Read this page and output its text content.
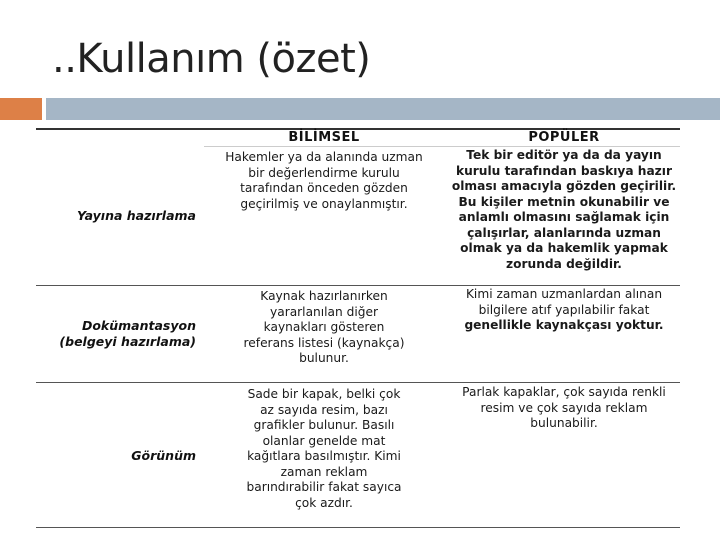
..Kullanım (özet)
BİLİMSEL	POPÜLER
Yayına hazırlama
Hakemler ya da alanında uzman
bir değerlendirme kurulu
tarafından önceden gözden
geçirilmiş ve onaylanmıştır.
Tek bir editör ya da da yayın
kurulu tarafından baskıya hazır
olması amacıyla gözden geçirilir.
Bu kişiler metnin okunabilir ve
anlamlı olmasını sağlamak için
çalışırlar, alanlarında uzman
olmak ya da hakemlik yapmak
zorunda değildir.
Dokümantasyon
(belgeyi hazırlama)
Kaynak hazırlanırken
yararlanılan diğer
kaynakları gösteren
referans listesi (kaynakça)
bulunur.
Kimi zaman uzmanlardan alınan
bilgilere atıf yapılabilir fakat
genellikle kaynakçası yoktur.
Görünüm
Sade bir kapak, belki çok
az sayıda resim, bazı
grafikler bulunur. Basılı
olanlar genelde mat
kağıtlara basılmıştır. Kimi
zaman reklam
barındırabilir fakat sayıca
çok azdır.
Parlak kapaklar, çok sayıda renkli
resim ve çok sayıda reklam
bulunabilir.
